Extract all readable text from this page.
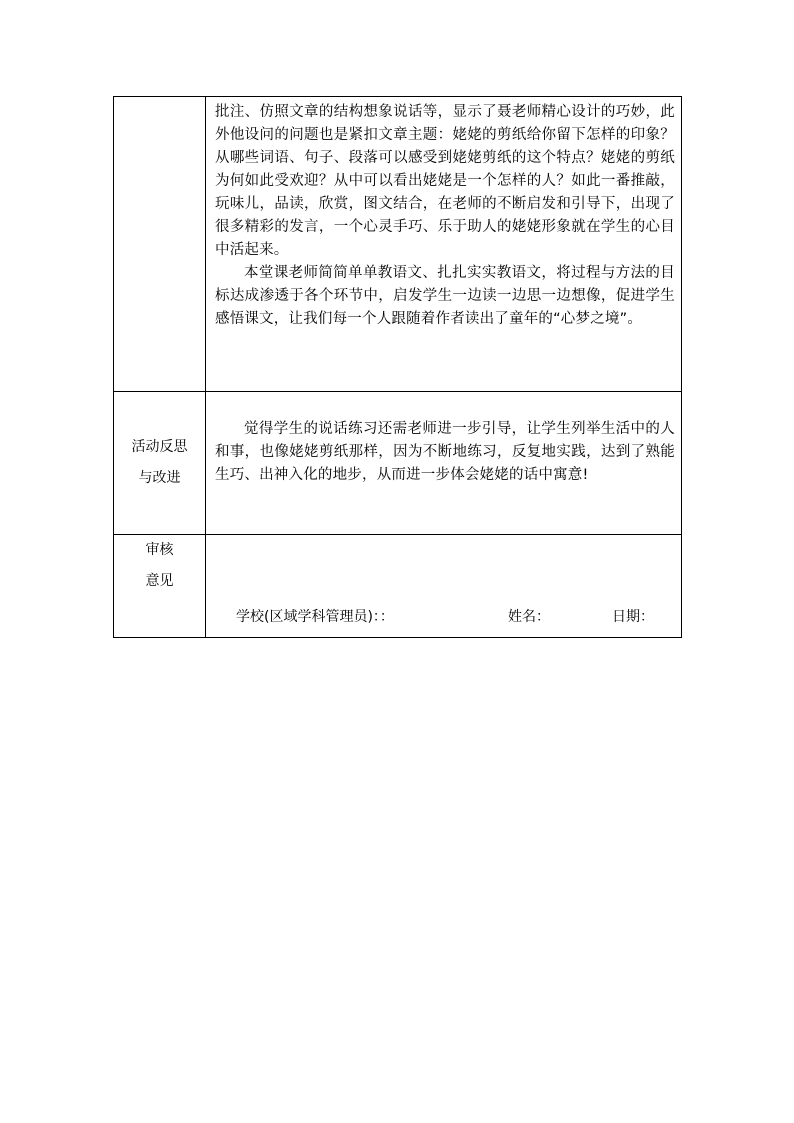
	批注、仿照文章的结构想象说话等，显示了聂老师精心设计的巧妙，此外他设问的问题也是紧扣文章主题：姥姥的剪纸给你留下怎样的印象？从哪些词语、句子、段落可以感受到姥姥剪纸的这个特点？姥姥的剪纸为何如此受欢迎？从中可以看出姥姥是一个怎样的人？如此一番推敲，玩味儿，品读，欣赏，图文结合，在老师的不断启发和引导下，出现了很多精彩的发言，一个心灵手巧、乐于助人的姥姥形象就在学生的心目中活起来。

本堂课老师简简单单教语文、扎扎实实教语文，将过程与方法的目标达成渗透于各个环节中，启发学生一边读一边思一边想像，促进学生感悟课文，让我们每一个人跟随着作者读出了童年的“心梦之境”。

活动反思
与改进	觉得学生的说话练习还需老师进一步引导，让学生列举生活中的人和事，也像姥姥剪纸那样，因为不断地练习，反复地实践，达到了熟能生巧、出神入化的地步，从而进一步体会姥姥的话中寓意!

审核
意见	学校(区域学科管理员)：： 姓名： 日期：
